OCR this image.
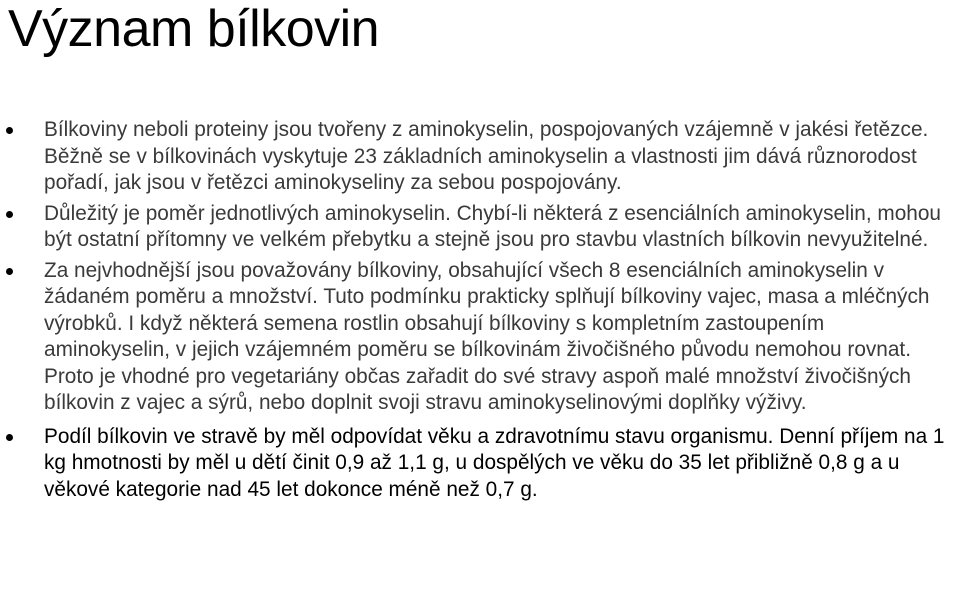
Význam bílkovin
Bílkoviny neboli proteiny jsou tvořeny z aminokyselin, pospojovaných vzájemně v jakési řetězce. Běžně se v bílkovinách vyskytuje 23 základních aminokyselin a vlastnosti jim dává různorodost pořadí, jak jsou v řetězci aminokyseliny za sebou pospojovány.
Důležitý je poměr jednotlivých aminokyselin. Chybí-li některá z esenciálních aminokyselin, mohou být ostatní přítomny ve velkém přebytku a stejně jsou pro stavbu vlastních bílkovin nevyužitelné.
Za nejvhodnější jsou považovány bílkoviny, obsahující všech 8 esenciálních aminokyselin v žádaném poměru a množství. Tuto podmínku prakticky splňují bílkoviny vajec, masa a mléčných výrobků. I když některá semena rostlin obsahují bílkoviny s kompletním zastoupením aminokyselin, v jejich vzájemném poměru se bílkovinám živočišného původu nemohou rovnat. Proto je vhodné pro vegetariány občas zařadit do své stravy aspoň malé množství živočišných bílkovin z vajec a sýrů, nebo doplnit svoji stravu aminokyselinovými doplňky výživy.
Podíl bílkovin ve stravě by měl odpovídat věku a zdravotnímu stavu organismu. Denní příjem na 1 kg hmotnosti by měl u dětí činit 0,9 až 1,1 g, u dospělých ve věku do 35 let přibližně 0,8 g a u věkové kategorie nad 45 let dokonce méně než 0,7 g.
